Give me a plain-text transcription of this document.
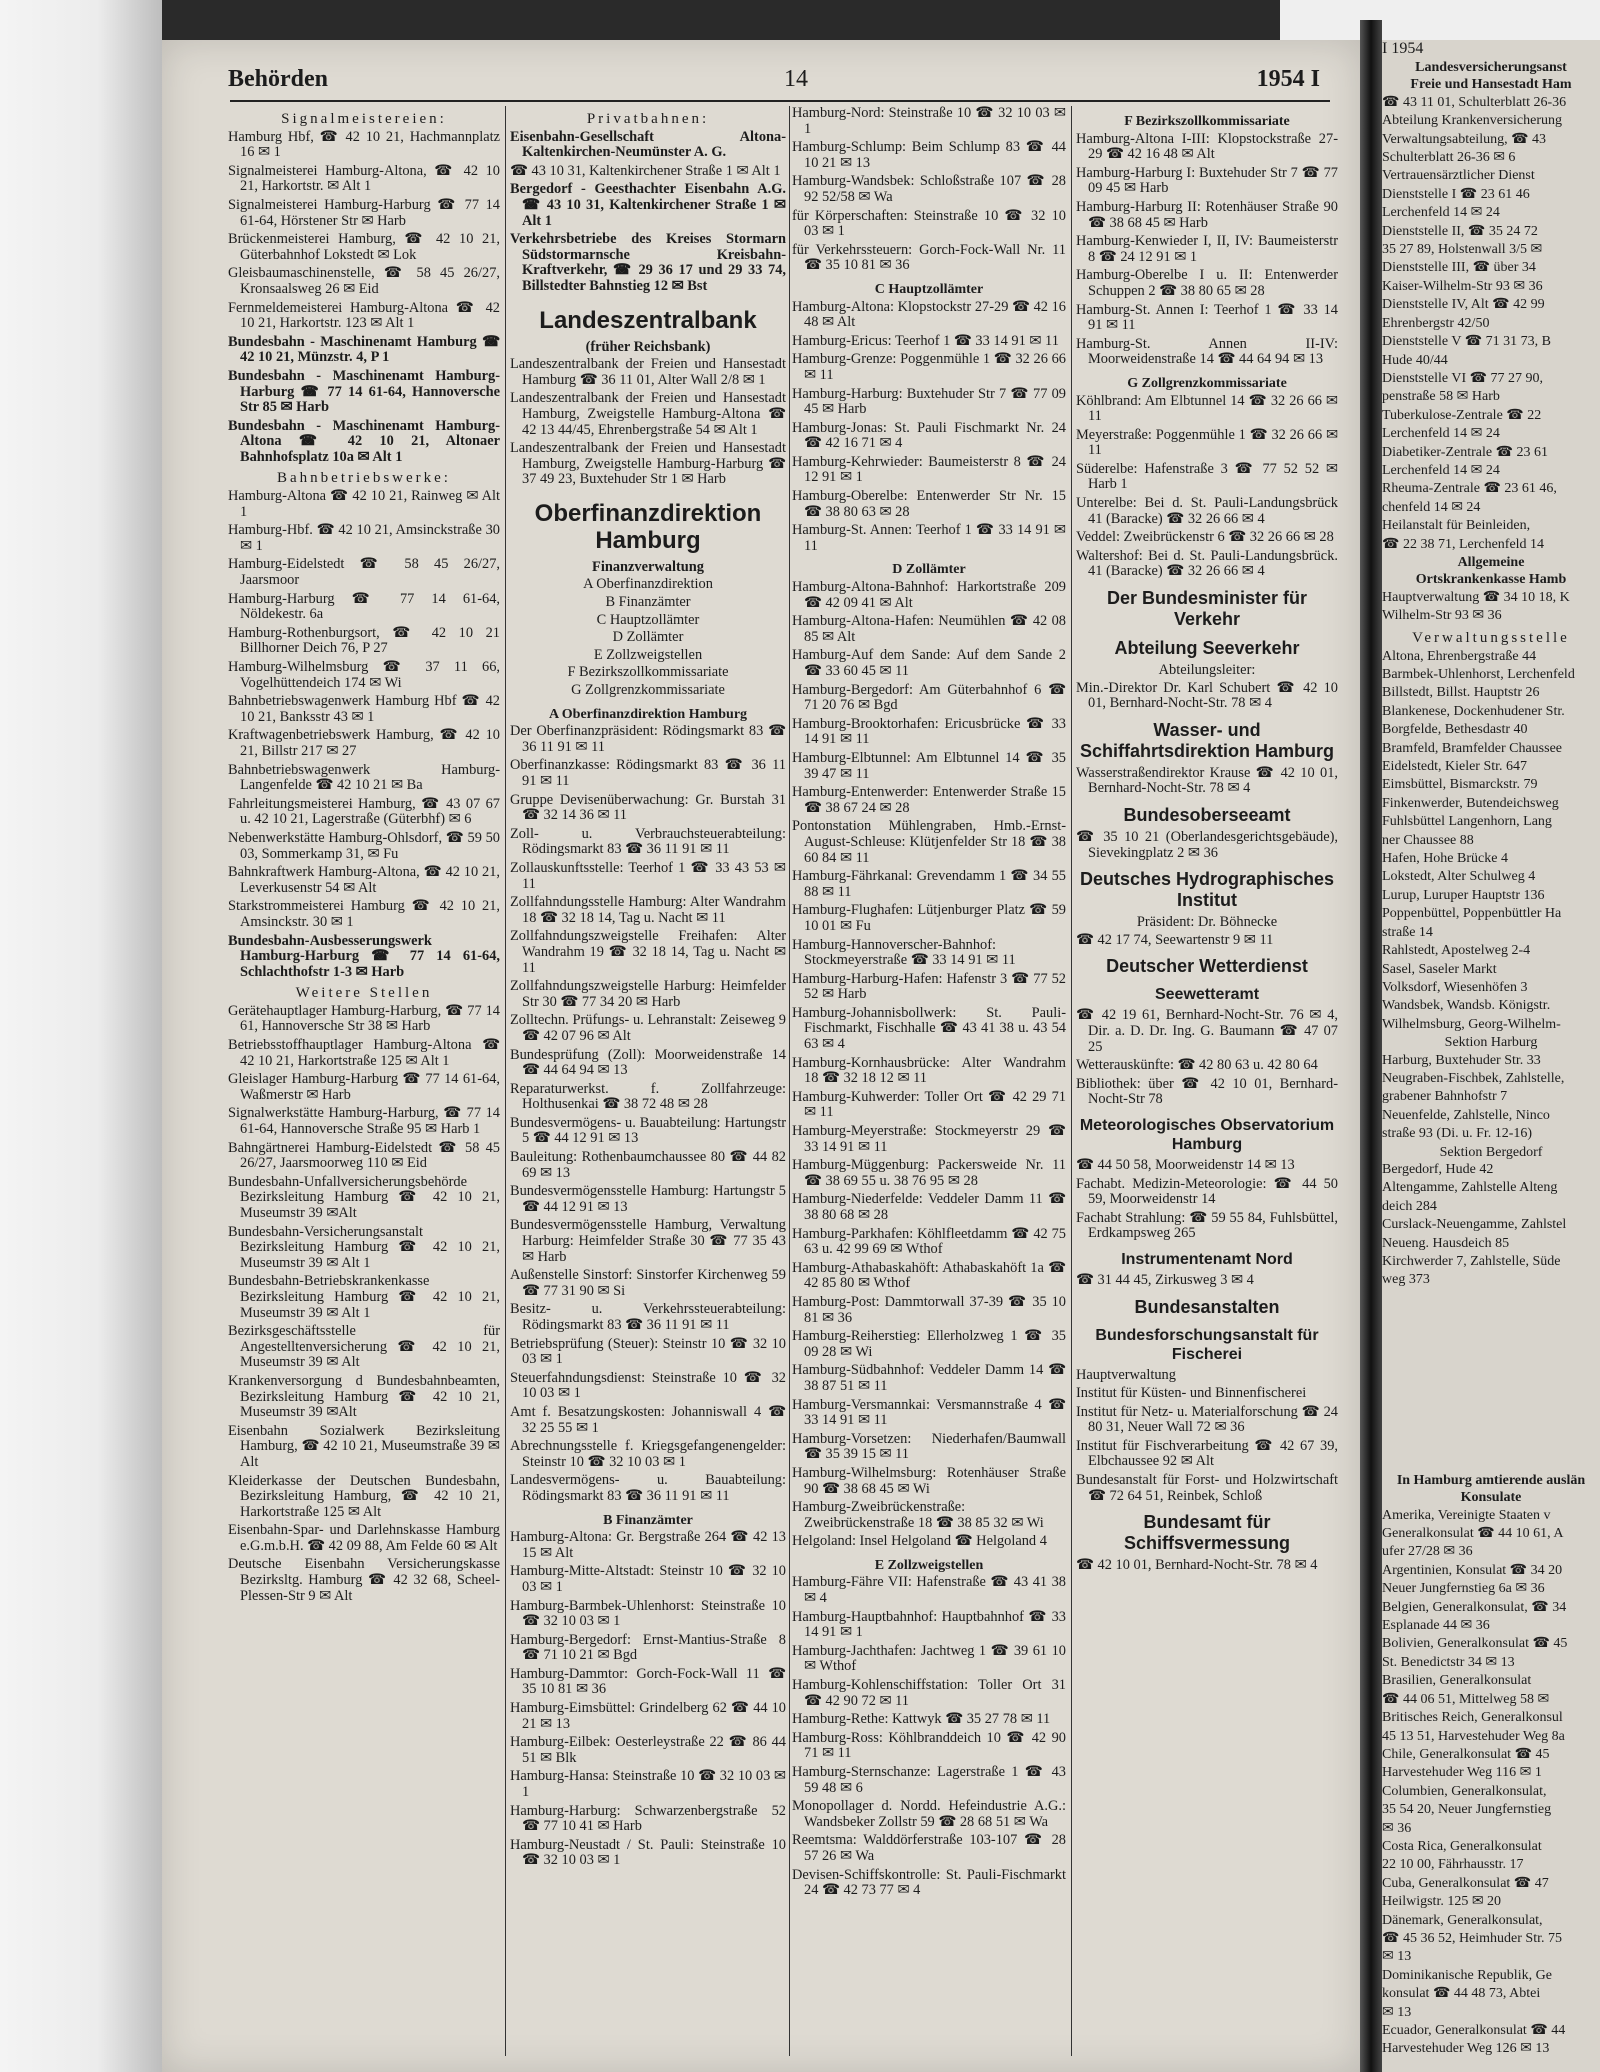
I 1954
Landesversicherungsanst
Freie und Hansestadt Ham
☎ 43 11 01, Schulterblatt 26-36
Abteilung Krankenversicherung
Verwaltungsabteilung, ☎ 43
Schulterblatt 26-36 ✉ 6
Vertrauensärztlicher Dienst
Dienststelle I ☎ 23 61 46
Lerchenfeld 14 ✉ 24
Dienststelle II, ☎ 35 24 72
35 27 89, Holstenwall 3/5 ✉
Dienststelle III, ☎ über 34
Kaiser-Wilhelm-Str 93 ✉ 36
Dienststelle IV, Alt ☎ 42 99
Ehrenbergstr 42/50
Dienststelle V ☎ 71 31 73, B
Hude 40/44
Dienststelle VI ☎ 77 27 90,
penstraße 58 ✉ Harb
Tuberkulose-Zentrale ☎ 22
Lerchenfeld 14 ✉ 24
Diabetiker-Zentrale ☎ 23 61
Lerchenfeld 14 ✉ 24
Rheuma-Zentrale ☎ 23 61 46,
chenfeld 14 ✉ 24
Heilanstalt für Beinleiden,
☎ 22 38 71, Lerchenfeld 14
Allgemeine
Ortskrankenkasse Hamb
Hauptverwaltung ☎ 34 10 18, K
Wilhelm-Str 93 ✉ 36
Verwaltungsstelle
Altona, Ehrenbergstraße 44
Barmbek-Uhlenhorst, Lerchenfeld
Billstedt, Billst. Hauptstr 26
Blankenese, Dockenhudener Str.
Borgfelde, Bethesdastr 40
Bramfeld, Bramfelder Chaussee
Eidelstedt, Kieler Str. 647
Eimsbüttel, Bismarckstr. 79
Finkenwerder, Butendeichsweg
Fuhlsbüttel Langenhorn, Lang
ner Chaussee 88
Hafen, Hohe Brücke 4
Lokstedt, Alter Schulweg 4
Lurup, Luruper Hauptstr 136
Poppenbüttel, Poppenbüttler Ha
straße 14
Rahlstedt, Apostelweg 2-4
Sasel, Saseler Markt
Volksdorf, Wiesenhöfen 3
Wandsbek, Wandsb. Königstr.
Wilhelmsburg, Georg-Wilhelm-
Sektion Harburg
Harburg, Buxtehuder Str. 33
Neugraben-Fischbek, Zahlstelle,
grabener Bahnhofstr 7
Neuenfelde, Zahlstelle, Ninco
straße 93 (Di. u. Fr. 12-16)
Sektion Bergedorf
Bergedorf, Hude 42
Altengamme, Zahlstelle Alteng
deich 284
Curslack-Neuengamme, Zahlstel
Neueng. Hausdeich 85
Kirchwerder 7, Zahlstelle, Süde
weg 373
In Hamburg amtierende auslän
Konsulate
Amerika, Vereinigte Staaten v
Generalkonsulat ☎ 44 10 61, A
ufer 27/28 ✉ 36
Argentinien, Konsulat ☎ 34 20
Neuer Jungfernstieg 6a ✉ 36
Belgien, Generalkonsulat, ☎ 34
Esplanade 44 ✉ 36
Bolivien, Generalkonsulat ☎ 45
St. Benedictstr 34 ✉ 13
Brasilien, Generalkonsulat
☎ 44 06 51, Mittelweg 58 ✉
Britisches Reich, Generalkonsul
45 13 51, Harvestehuder Weg 8a
Chile, Generalkonsulat ☎ 45
Harvestehuder Weg 116 ✉ 1
Columbien, Generalkonsulat,
35 54 20, Neuer Jungfernstieg
✉ 36
Costa Rica, Generalkonsulat
22 10 00, Fährhausstr. 17
Cuba, Generalkonsulat ☎ 47
Heilwigstr. 125 ✉ 20
Dänemark, Generalkonsulat,
☎ 45 36 52, Heimhuder Str. 75
✉ 13
Dominikanische Republik, Ge
konsulat ☎ 44 48 73, Abtei
✉ 13
Ecuador, Generalkonsulat ☎ 44
Harvestehuder Weg 126 ✉ 13
Behörden	14	1954 I
Signalmeistereien:
Hamburg Hbf, ☎ 42 10 21, Hachmannplatz 16 ✉ 1
Signalmeisterei Hamburg-Altona, ☎ 42 10 21, Harkortstr. ✉ Alt 1
Signalmeisterei Hamburg-Harburg ☎ 77 14 61-64, Hörstener Str ✉ Harb
Brückenmeisterei Hamburg, ☎ 42 10 21, Güterbahnhof Lokstedt ✉ Lok
Gleisbaumaschinenstelle, ☎ 58 45 26/27, Kronsaalsweg 26 ✉ Eid
Fernmeldemeisterei Hamburg-Altona ☎ 42 10 21, Harkortstr. 123 ✉ Alt 1
Bundesbahn - Maschinenamt Hamburg ☎ 42 10 21, Münzstr. 4, P 1
Bundesbahn - Maschinenamt Hamburg-Harburg ☎ 77 14 61-64, Hannoversche Str 85 ✉ Harb
Bundesbahn - Maschinenamt Hamburg-Altona ☎ 42 10 21, Altonaer Bahnhofsplatz 10a ✉ Alt 1
Bahnbetriebswerke:
Hamburg-Altona ☎ 42 10 21, Rainweg ✉ Alt 1
Hamburg-Hbf. ☎ 42 10 21, Amsinckstraße 30 ✉ 1
Hamburg-Eidelstedt ☎ 58 45 26/27, Jaarsmoor
Hamburg-Harburg ☎ 77 14 61-64, Nöldekestr. 6a
Hamburg-Rothenburgsort, ☎ 42 10 21 Billhorner Deich 76, P 27
Hamburg-Wilhelmsburg ☎ 37 11 66, Vogelhüttendeich 174 ✉ Wi
Bahnbetriebswagenwerk Hamburg Hbf ☎ 42 10 21, Banksstr 43 ✉ 1
Kraftwagenbetriebswerk Hamburg, ☎ 42 10 21, Billstr 217 ✉ 27
Bahnbetriebswagenwerk Hamburg-Langenfelde ☎ 42 10 21 ✉ Ba
Fahrleitungsmeisterei Hamburg, ☎ 43 07 67 u. 42 10 21, Lagerstraße (Güterbhf) ✉ 6
Nebenwerkstätte Hamburg-Ohlsdorf, ☎ 59 50 03, Sommerkamp 31, ✉ Fu
Bahnkraftwerk Hamburg-Altona, ☎ 42 10 21, Leverkusenstr 54 ✉ Alt
Starkstrommeisterei Hamburg ☎ 42 10 21, Amsinckstr. 30 ✉ 1
Bundesbahn-Ausbesserungswerk Hamburg-Harburg ☎ 77 14 61-64, Schlachthofstr 1-3 ✉ Harb
Weitere Stellen
Gerätehauptlager Hamburg-Harburg, ☎ 77 14 61, Hannoversche Str 38 ✉ Harb
Betriebsstoffhauptlager Hamburg-Altona ☎ 42 10 21, Harkortstraße 125 ✉ Alt 1
Gleislager Hamburg-Harburg ☎ 77 14 61-64, Waßmerstr ✉ Harb
Signalwerkstätte Hamburg-Harburg, ☎ 77 14 61-64, Hannoversche Straße 95 ✉ Harb 1
Bahngärtnerei Hamburg-Eidelstedt ☎ 58 45 26/27, Jaarsmoorweg 110 ✉ Eid
Bundesbahn-Unfallversicherungsbehörde Bezirksleitung Hamburg ☎ 42 10 21, Museumstr 39 ✉Alt
Bundesbahn-Versicherungsanstalt Bezirksleitung Hamburg ☎ 42 10 21, Museumstr 39 ✉ Alt 1
Bundesbahn-Betriebskrankenkasse Bezirksleitung Hamburg ☎ 42 10 21, Museumstr 39 ✉ Alt 1
Bezirksgeschäftsstelle für Angestelltenversicherung ☎ 42 10 21, Museumstr 39 ✉ Alt
Krankenversorgung d Bundesbahnbeamten, Bezirksleitung Hamburg ☎ 42 10 21, Museumstr 39 ✉Alt
Eisenbahn Sozialwerk Bezirksleitung Hamburg, ☎ 42 10 21, Museumstraße 39 ✉ Alt
Kleiderkasse der Deutschen Bundesbahn, Bezirksleitung Hamburg, ☎ 42 10 21, Harkortstraße 125 ✉ Alt
Eisenbahn-Spar- und Darlehnskasse Hamburg e.G.m.b.H. ☎ 42 09 88, Am Felde 60 ✉ Alt
Deutsche Eisenbahn Versicherungskasse Bezirksltg. Hamburg ☎ 42 32 68, Scheel-Plessen-Str 9 ✉ Alt
Privatbahnen:
Eisenbahn-Gesellschaft Altona-Kaltenkirchen-Neumünster A. G.
☎ 43 10 31, Kaltenkirchener Straße 1 ✉ Alt 1
Bergedorf - Geesthachter Eisenbahn A.G. ☎ 43 10 31, Kaltenkirchener Straße 1 ✉ Alt 1
Verkehrsbetriebe des Kreises Stormarn Südstormarnsche Kreisbahn-Kraftverkehr, ☎ 29 36 17 und 29 33 74, Billstedter Bahnstieg 12 ✉ Bst
Landeszentralbank
(früher Reichsbank)
Landeszentralbank der Freien und Hansestadt Hamburg ☎ 36 11 01, Alter Wall 2/8 ✉ 1
Landeszentralbank der Freien und Hansestadt Hamburg, Zweigstelle Hamburg-Altona ☎ 42 13 44/45, Ehrenbergstraße 54 ✉ Alt 1
Landeszentralbank der Freien und Hansestadt Hamburg, Zweigstelle Hamburg-Harburg ☎ 37 49 23, Buxtehuder Str 1 ✉ Harb
Oberfinanzdirektion Hamburg
Finanzverwaltung
A Oberfinanzdirektion
B Finanzämter
C Hauptzollämter
D Zollämter
E Zollzweigstellen
F Bezirkszollkommissariate
G Zollgrenzkommissariate
A Oberfinanzdirektion Hamburg
Der Oberfinanzpräsident: Rödingsmarkt 83 ☎ 36 11 91 ✉ 11
Oberfinanzkasse: Rödingsmarkt 83 ☎ 36 11 91 ✉ 11
Gruppe Devisenüberwachung: Gr. Burstah 31 ☎ 32 14 36 ✉ 11
Zoll- u. Verbrauchsteuerabteilung: Rödingsmarkt 83 ☎ 36 11 91 ✉ 11
Zollauskunftsstelle: Teerhof 1 ☎ 33 43 53 ✉ 11
Zollfahndungsstelle Hamburg: Alter Wandrahm 18 ☎ 32 18 14, Tag u. Nacht ✉ 11
Zollfahndungszweigstelle Freihafen: Alter Wandrahm 19 ☎ 32 18 14, Tag u. Nacht ✉ 11
Zollfahndungszweigstelle Harburg: Heimfelder Str 30 ☎ 77 34 20 ✉ Harb
Zolltechn. Prüfungs- u. Lehranstalt: Zeiseweg 9 ☎ 42 07 96 ✉ Alt
Bundesprüfung (Zoll): Moorweidenstraße 14 ☎ 44 64 94 ✉ 13
Reparaturwerkst. f. Zollfahrzeuge: Holthusenkai ☎ 38 72 48 ✉ 28
Bundesvermögens- u. Bauabteilung: Hartungstr 5 ☎ 44 12 91 ✉ 13
Bauleitung: Rothenbaumchaussee 80 ☎ 44 82 69 ✉ 13
Bundesvermögensstelle Hamburg: Hartungstr 5 ☎ 44 12 91 ✉ 13
Bundesvermögensstelle Hamburg, Verwaltung Harburg: Heimfelder Straße 30 ☎ 77 35 43 ✉ Harb
Außenstelle Sinstorf: Sinstorfer Kirchenweg 59 ☎ 77 31 90 ✉ Si
Besitz- u. Verkehrssteuerabteilung: Rödingsmarkt 83 ☎ 36 11 91 ✉ 11
Betriebsprüfung (Steuer): Steinstr 10 ☎ 32 10 03 ✉ 1
Steuerfahndungsdienst: Steinstraße 10 ☎ 32 10 03 ✉ 1
Amt f. Besatzungskosten: Johanniswall 4 ☎ 32 25 55 ✉ 1
Abrechnungsstelle f. Kriegsgefangenengelder: Steinstr 10 ☎ 32 10 03 ✉ 1
Landesvermögens- u. Bauabteilung: Rödingsmarkt 83 ☎ 36 11 91 ✉ 11
B Finanzämter
Hamburg-Altona: Gr. Bergstraße 264 ☎ 42 13 15 ✉ Alt
Hamburg-Mitte-Altstadt: Steinstr 10 ☎ 32 10 03 ✉ 1
Hamburg-Barmbek-Uhlenhorst: Steinstraße 10 ☎ 32 10 03 ✉ 1
Hamburg-Bergedorf: Ernst-Mantius-Straße 8 ☎ 71 10 21 ✉ Bgd
Hamburg-Dammtor: Gorch-Fock-Wall 11 ☎ 35 10 81 ✉ 36
Hamburg-Eimsbüttel: Grindelberg 62 ☎ 44 10 21 ✉ 13
Hamburg-Eilbek: Oesterleystraße 22 ☎ 86 44 51 ✉ Blk
Hamburg-Hansa: Steinstraße 10 ☎ 32 10 03 ✉ 1
Hamburg-Harburg: Schwarzenbergstraße 52 ☎ 77 10 41 ✉ Harb
Hamburg-Neustadt / St. Pauli: Steinstraße 10 ☎ 32 10 03 ✉ 1
Hamburg-Nord: Steinstraße 10 ☎ 32 10 03 ✉ 1
Hamburg-Schlump: Beim Schlump 83 ☎ 44 10 21 ✉ 13
Hamburg-Wandsbek: Schloßstraße 107 ☎ 28 92 52/58 ✉ Wa
für Körperschaften: Steinstraße 10 ☎ 32 10 03 ✉ 1
für Verkehrssteuern: Gorch-Fock-Wall Nr. 11 ☎ 35 10 81 ✉ 36
C Hauptzollämter
Hamburg-Altona: Klopstockstr 27-29 ☎ 42 16 48 ✉ Alt
Hamburg-Ericus: Teerhof 1 ☎ 33 14 91 ✉ 11
Hamburg-Grenze: Poggenmühle 1 ☎ 32 26 66 ✉ 11
Hamburg-Harburg: Buxtehuder Str 7 ☎ 77 09 45 ✉ Harb
Hamburg-Jonas: St. Pauli Fischmarkt Nr. 24 ☎ 42 16 71 ✉ 4
Hamburg-Kehrwieder: Baumeisterstr 8 ☎ 24 12 91 ✉ 1
Hamburg-Oberelbe: Entenwerder Str Nr. 15 ☎ 38 80 63 ✉ 28
Hamburg-St. Annen: Teerhof 1 ☎ 33 14 91 ✉ 11
D Zollämter
Hamburg-Altona-Bahnhof: Harkortstraße 209 ☎ 42 09 41 ✉ Alt
Hamburg-Altona-Hafen: Neumühlen ☎ 42 08 85 ✉ Alt
Hamburg-Auf dem Sande: Auf dem Sande 2 ☎ 33 60 45 ✉ 11
Hamburg-Bergedorf: Am Güterbahnhof 6 ☎ 71 20 76 ✉ Bgd
Hamburg-Brooktorhafen: Ericusbrücke ☎ 33 14 91 ✉ 11
Hamburg-Elbtunnel: Am Elbtunnel 14 ☎ 35 39 47 ✉ 11
Hamburg-Entenwerder: Entenwerder Straße 15 ☎ 38 67 24 ✉ 28
Pontonstation Mühlengraben, Hmb.-Ernst-August-Schleuse: Klütjenfelder Str 18 ☎ 38 60 84 ✉ 11
Hamburg-Fährkanal: Grevendamm 1 ☎ 34 55 88 ✉ 11
Hamburg-Flughafen: Lütjenburger Platz ☎ 59 10 01 ✉ Fu
Hamburg-Hannoverscher-Bahnhof: Stockmeyerstraße ☎ 33 14 91 ✉ 11
Hamburg-Harburg-Hafen: Hafenstr 3 ☎ 77 52 52 ✉ Harb
Hamburg-Johannisbollwerk: St. Pauli-Fischmarkt, Fischhalle ☎ 43 41 38 u. 43 54 63 ✉ 4
Hamburg-Kornhausbrücke: Alter Wandrahm 18 ☎ 32 18 12 ✉ 11
Hamburg-Kuhwerder: Toller Ort ☎ 42 29 71 ✉ 11
Hamburg-Meyerstraße: Stockmeyerstr 29 ☎ 33 14 91 ✉ 11
Hamburg-Müggenburg: Packersweide Nr. 11 ☎ 38 69 55 u. 38 76 95 ✉ 28
Hamburg-Niederfelde: Veddeler Damm 11 ☎ 38 80 68 ✉ 28
Hamburg-Parkhafen: Köhlfleetdamm ☎ 42 75 63 u. 42 99 69 ✉ Wthof
Hamburg-Athabaskahöft: Athabaskahöft 1a ☎ 42 85 80 ✉ Wthof
Hamburg-Post: Dammtorwall 37-39 ☎ 35 10 81 ✉ 36
Hamburg-Reiherstieg: Ellerholzweg 1 ☎ 35 09 28 ✉ Wi
Hamburg-Südbahnhof: Veddeler Damm 14 ☎ 38 87 51 ✉ 11
Hamburg-Versmannkai: Versmannstraße 4 ☎ 33 14 91 ✉ 11
Hamburg-Vorsetzen: Niederhafen/Baumwall ☎ 35 39 15 ✉ 11
Hamburg-Wilhelmsburg: Rotenhäuser Straße 90 ☎ 38 68 45 ✉ Wi
Hamburg-Zweibrückenstraße: Zweibrückenstraße 18 ☎ 38 85 32 ✉ Wi
Helgoland: Insel Helgoland ☎ Helgoland 4
E Zollzweigstellen
Hamburg-Fähre VII: Hafenstraße ☎ 43 41 38 ✉ 4
Hamburg-Hauptbahnhof: Hauptbahnhof ☎ 33 14 91 ✉ 1
Hamburg-Jachthafen: Jachtweg 1 ☎ 39 61 10 ✉ Wthof
Hamburg-Kohlenschiffstation: Toller Ort 31 ☎ 42 90 72 ✉ 11
Hamburg-Rethe: Kattwyk ☎ 35 27 78 ✉ 11
Hamburg-Ross: Köhlbranddeich 10 ☎ 42 90 71 ✉ 11
Hamburg-Sternschanze: Lagerstraße 1 ☎ 43 59 48 ✉ 6
Monopollager d. Nordd. Hefeindustrie A.G.: Wandsbeker Zollstr 59 ☎ 28 68 51 ✉ Wa
Reemtsma: Walddörferstraße 103-107 ☎ 28 57 26 ✉ Wa
Devisen-Schiffskontrolle: St. Pauli-Fischmarkt 24 ☎ 42 73 77 ✉ 4
F Bezirkszollkommissariate
Hamburg-Altona I-III: Klopstockstraße 27-29 ☎ 42 16 48 ✉ Alt
Hamburg-Harburg I: Buxtehuder Str 7 ☎ 77 09 45 ✉ Harb
Hamburg-Harburg II: Rotenhäuser Straße 90 ☎ 38 68 45 ✉ Harb
Hamburg-Kenwieder I, II, IV: Baumeisterstr 8 ☎ 24 12 91 ✉ 1
Hamburg-Oberelbe I u. II: Entenwerder Schuppen 2 ☎ 38 80 65 ✉ 28
Hamburg-St. Annen I: Teerhof 1 ☎ 33 14 91 ✉ 11
Hamburg-St. Annen II-IV: Moorweidenstraße 14 ☎ 44 64 94 ✉ 13
G Zollgrenzkommissariate
Köhlbrand: Am Elbtunnel 14 ☎ 32 26 66 ✉ 11
Meyerstraße: Poggenmühle 1 ☎ 32 26 66 ✉ 11
Süderelbe: Hafenstraße 3 ☎ 77 52 52 ✉ Harb 1
Unterelbe: Bei d. St. Pauli-Landungsbrück 41 (Baracke) ☎ 32 26 66 ✉ 4
Veddel: Zweibrückenstr 6 ☎ 32 26 66 ✉ 28
Waltershof: Bei d. St. Pauli-Landungsbrück. 41 (Baracke) ☎ 32 26 66 ✉ 4
Der Bundesminister für Verkehr
Abteilung Seeverkehr
Abteilungsleiter:
Min.-Direktor Dr. Karl Schubert ☎ 42 10 01, Bernhard-Nocht-Str. 78 ✉ 4
Wasser- und Schiffahrtsdirektion Hamburg
Wasserstraßendirektor Krause ☎ 42 10 01, Bernhard-Nocht-Str. 78 ✉ 4
Bundesoberseeamt
☎ 35 10 21 (Oberlandesgerichtsgebäude), Sievekingplatz 2 ✉ 36
Deutsches Hydrographisches Institut
Präsident: Dr. Böhnecke
☎ 42 17 74, Seewartenstr 9 ✉ 11
Deutscher Wetterdienst
Seewetteramt
☎ 42 19 61, Bernhard-Nocht-Str. 76 ✉ 4, Dir. a. D. Dr. Ing. G. Baumann ☎ 47 07 25
Wetterauskünfte: ☎ 42 80 63 u. 42 80 64
Bibliothek: über ☎ 42 10 01, Bernhard-Nocht-Str 78
Meteorologisches Observatorium Hamburg
☎ 44 50 58, Moorweidenstr 14 ✉ 13
Fachabt. Medizin-Meteorologie: ☎ 44 50 59, Moorweidenstr 14
Fachabt Strahlung: ☎ 59 55 84, Fuhlsbüttel, Erdkampsweg 265
Instrumentenamt Nord
☎ 31 44 45, Zirkusweg 3 ✉ 4
Bundesanstalten
Bundesforschungsanstalt für Fischerei
Hauptverwaltung
Institut für Küsten- und Binnenfischerei
Institut für Netz- u. Materialforschung ☎ 24 80 31, Neuer Wall 72 ✉ 36
Institut für Fischverarbeitung ☎ 42 67 39, Elbchaussee 92 ✉ Alt
Bundesanstalt für Forst- und Holzwirtschaft ☎ 72 64 51, Reinbek, Schloß
Bundesamt für Schiffsvermessung
☎ 42 10 01, Bernhard-Nocht-Str. 78 ✉ 4
